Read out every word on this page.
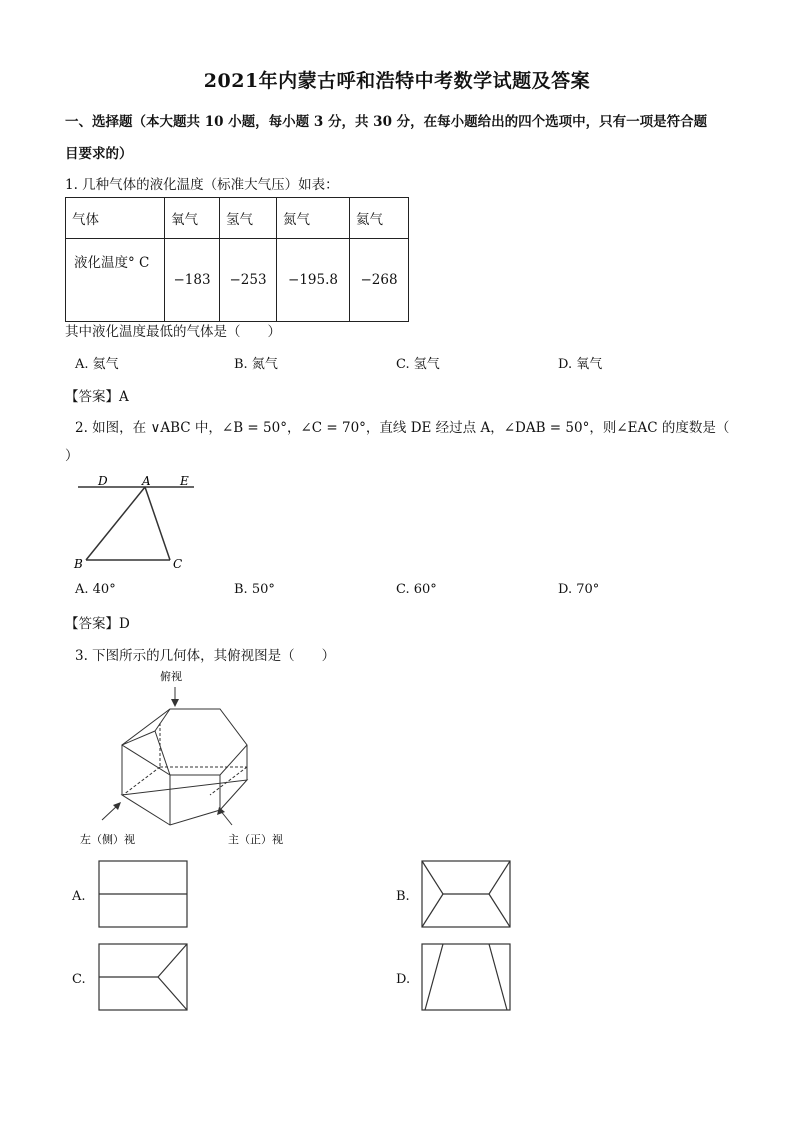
2021年内蒙古呼和浩特中考数学试题及答案
一、选择题（本大题共 10 小题，每小题 3 分，共 30 分，在每小题给出的四个选项中，只有一项是符合题
目要求的）
1. 几种气体的液化温度（标准大气压）如表：
气体	氧气	氢气	氮气	氦气
液化温度° C	−183	−253	−195.8	−268
其中液化温度最低的气体是（　　）
A. 氦气	B. 氮气	C. 氢气	D. 氧气
【答案】A
2. 如图，在 ∨ABC 中，∠B = 50°，∠C = 70°，直线 DE 经过点 A，∠DAB = 50°，则∠EAC 的度数是（
）
D	A E
B	C
A. 40°	B. 50°	C. 60°	D. 70°
【答案】D
3. 下图所示的几何体，其俯视图是（　　）
俯视
左（侧）视	主（正）视
A.	B.
C.	D.
